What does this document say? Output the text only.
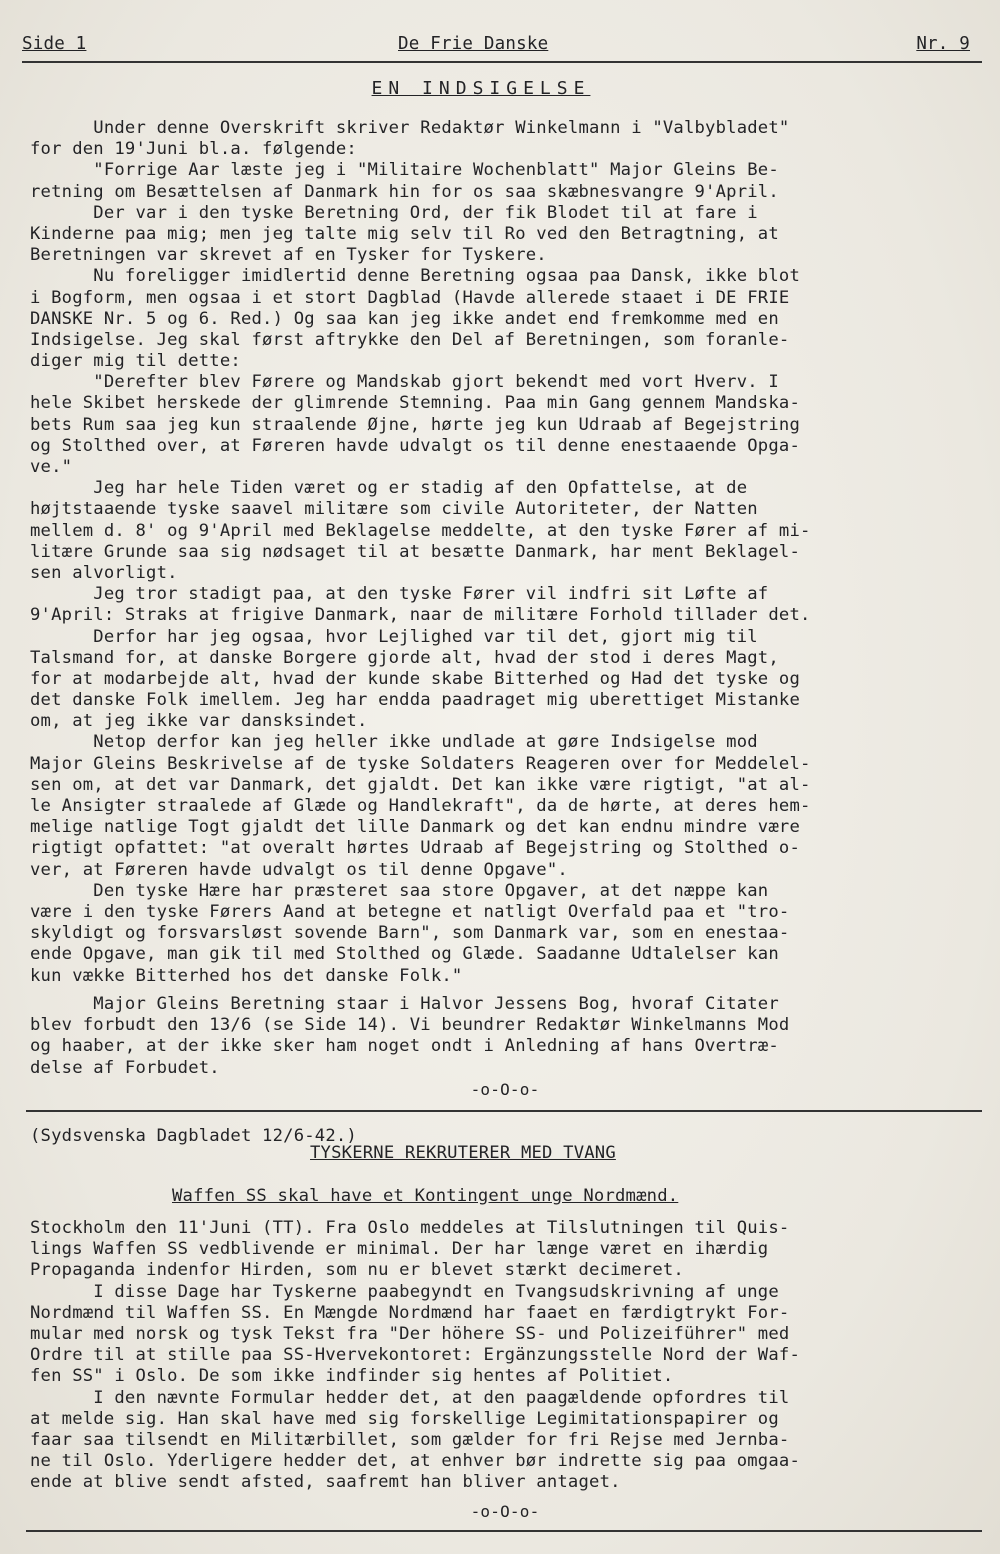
Side 1	De Frie Danske	Nr. 9
EN INDSIGELSE
Under denne Overskrift skriver Redaktør Winkelmann i "Valbybladet"
for den 19'Juni bl.a. følgende:
"Forrige Aar læste jeg i "Militaire Wochenblatt" Major Gleins Be-
retning om Besættelsen af Danmark hin for os saa skæbnesvangre 9'April.
Der var i den tyske Beretning Ord, der fik Blodet til at fare i
Kinderne paa mig; men jeg talte mig selv til Ro ved den Betragtning, at
Beretningen var skrevet af en Tysker for Tyskere.
Nu foreligger imidlertid denne Beretning ogsaa paa Dansk, ikke blot
i Bogform, men ogsaa i et stort Dagblad (Havde allerede staaet i DE FRIE
DANSKE Nr. 5 og 6. Red.) Og saa kan jeg ikke andet end fremkomme med en
Indsigelse. Jeg skal først aftrykke den Del af Beretningen, som foranle-
diger mig til dette:
"Derefter blev Førere og Mandskab gjort bekendt med vort Hverv. I
hele Skibet herskede der glimrende Stemning. Paa min Gang gennem Mandska-
bets Rum saa jeg kun straalende Øjne, hørte jeg kun Udraab af Begejstring
og Stolthed over, at Føreren havde udvalgt os til denne enestaaende Opga-
ve."
Jeg har hele Tiden været og er stadig af den Opfattelse, at de
højtstaaende tyske saavel militære som civile Autoriteter, der Natten
mellem d. 8' og 9'April med Beklagelse meddelte, at den tyske Fører af mi-
litære Grunde saa sig nødsaget til at besætte Danmark, har ment Beklagel-
sen alvorligt.
Jeg tror stadigt paa, at den tyske Fører vil indfri sit Løfte af
9'April: Straks at frigive Danmark, naar de militære Forhold tillader det.
Derfor har jeg ogsaa, hvor Lejlighed var til det, gjort mig til
Talsmand for, at danske Borgere gjorde alt, hvad der stod i deres Magt,
for at modarbejde alt, hvad der kunde skabe Bitterhed og Had det tyske og
det danske Folk imellem. Jeg har endda paadraget mig uberettiget Mistanke
om, at jeg ikke var dansksindet.
Netop derfor kan jeg heller ikke undlade at gøre Indsigelse mod
Major Gleins Beskrivelse af de tyske Soldaters Reageren over for Meddelel-
sen om, at det var Danmark, det gjaldt. Det kan ikke være rigtigt, "at al-
le Ansigter straalede af Glæde og Handlekraft", da de hørte, at deres hem-
melige natlige Togt gjaldt det lille Danmark og det kan endnu mindre være
rigtigt opfattet: "at overalt hørtes Udraab af Begejstring og Stolthed o-
ver, at Føreren havde udvalgt os til denne Opgave".
Den tyske Hære har præsteret saa store Opgaver, at det næppe kan
være i den tyske Førers Aand at betegne et natligt Overfald paa et "tro-
skyldigt og forsvarsløst sovende Barn", som Danmark var, som en enestaa-
ende Opgave, man gik til med Stolthed og Glæde. Saadanne Udtalelser kan
kun vække Bitterhed hos det danske Folk."
Major Gleins Beretning staar i Halvor Jessens Bog, hvoraf Citater
blev forbudt den 13/6 (se Side 14). Vi beundrer Redaktør Winkelmanns Mod
og haaber, at der ikke sker ham noget ondt i Anledning af hans Overtræ-
delse af Forbudet.
-o-O-o-
(Sydsvenska Dagbladet 12/6-42.)
TYSKERNE REKRUTERER MED TVANG
Waffen SS skal have et Kontingent unge Nordmænd.
Stockholm den 11'Juni (TT). Fra Oslo meddeles at Tilslutningen til Quis-
lings Waffen SS vedblivende er minimal. Der har længe været en ihærdig
Propaganda indenfor Hirden, som nu er blevet stærkt decimeret.
I disse Dage har Tyskerne paabegyndt en Tvangsudskrivning af unge
Nordmænd til Waffen SS. En Mængde Nordmænd har faaet en færdigtrykt For-
mular med norsk og tysk Tekst fra "Der höhere SS- und Polizeiführer" med
Ordre til at stille paa SS-Hvervekontoret: Ergänzungsstelle Nord der Waf-
fen SS" i Oslo. De som ikke indfinder sig hentes af Politiet.
I den nævnte Formular hedder det, at den paagældende opfordres til
at melde sig. Han skal have med sig forskellige Legimitationspapirer og
faar saa tilsendt en Militærbillet, som gælder for fri Rejse med Jernba-
ne til Oslo. Yderligere hedder det, at enhver bør indrette sig paa omgaa-
ende at blive sendt afsted, saafremt han bliver antaget.
-o-O-o-
